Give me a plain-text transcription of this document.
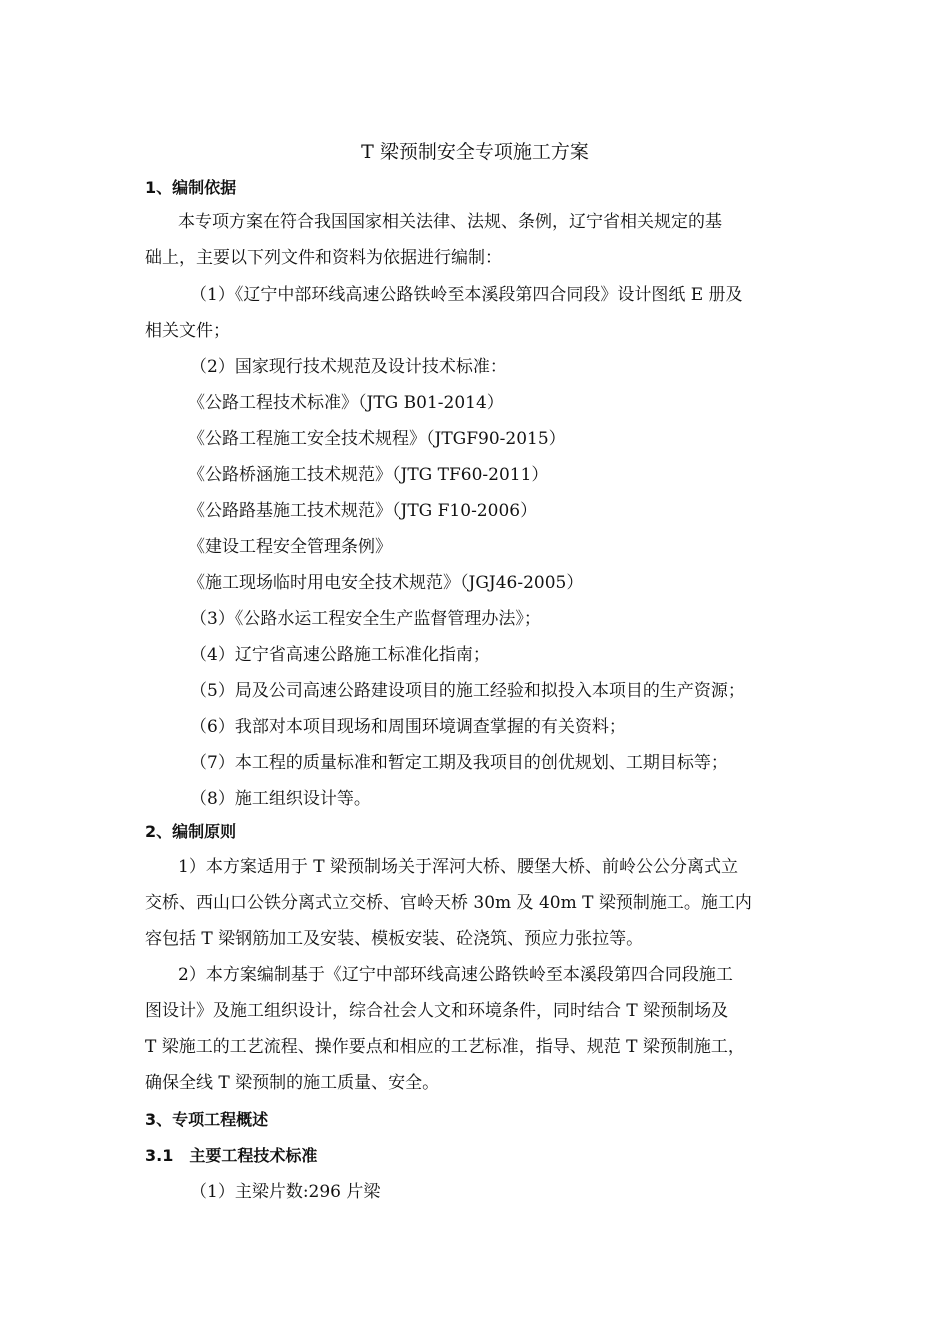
T 梁预制安全专项施工方案
1、编制依据
本专项方案在符合我国国家相关法律、法规、条例，辽宁省相关规定的基
础上，主要以下列文件和资料为依据进行编制：
（1）《辽宁中部环线高速公路铁岭至本溪段第四合同段》设计图纸 E 册及
相关文件；
（2）国家现行技术规范及设计技术标准：
《公路工程技术标准》（JTG B01-2014）
《公路工程施工安全技术规程》（JTGF90-2015）
《公路桥涵施工技术规范》（JTG TF60-2011）
《公路路基施工技术规范》（JTG F10-2006）
《建设工程安全管理条例》
《施工现场临时用电安全技术规范》（JGJ46-2005）
（3）《公路水运工程安全生产监督管理办法》；
（4）辽宁省高速公路施工标准化指南；
（5）局及公司高速公路建设项目的施工经验和拟投入本项目的生产资源；
（6）我部对本项目现场和周围环境调查掌握的有关资料；
（7）本工程的质量标准和暂定工期及我项目的创优规划、工期目标等；
（8）施工组织设计等。
2、编制原则
1）本方案适用于 T 梁预制场关于浑河大桥、腰堡大桥、前岭公公分离式立
交桥、西山口公铁分离式立交桥、官岭天桥 30m 及 40m T 梁预制施工。施工内
容包括 T 梁钢筋加工及安装、模板安装、砼浇筑、预应力张拉等。
2）本方案编制基于《辽宁中部环线高速公路铁岭至本溪段第四合同段施工
图设计》及施工组织设计，综合社会人文和环境条件，同时结合 T 梁预制场及
T 梁施工的工艺流程、操作要点和相应的工艺标准，指导、规范 T 梁预制施工，
确保全线 T 梁预制的施工质量、安全。
3、专项工程概述
3.1　主要工程技术标准
（1）主梁片数:296 片梁
